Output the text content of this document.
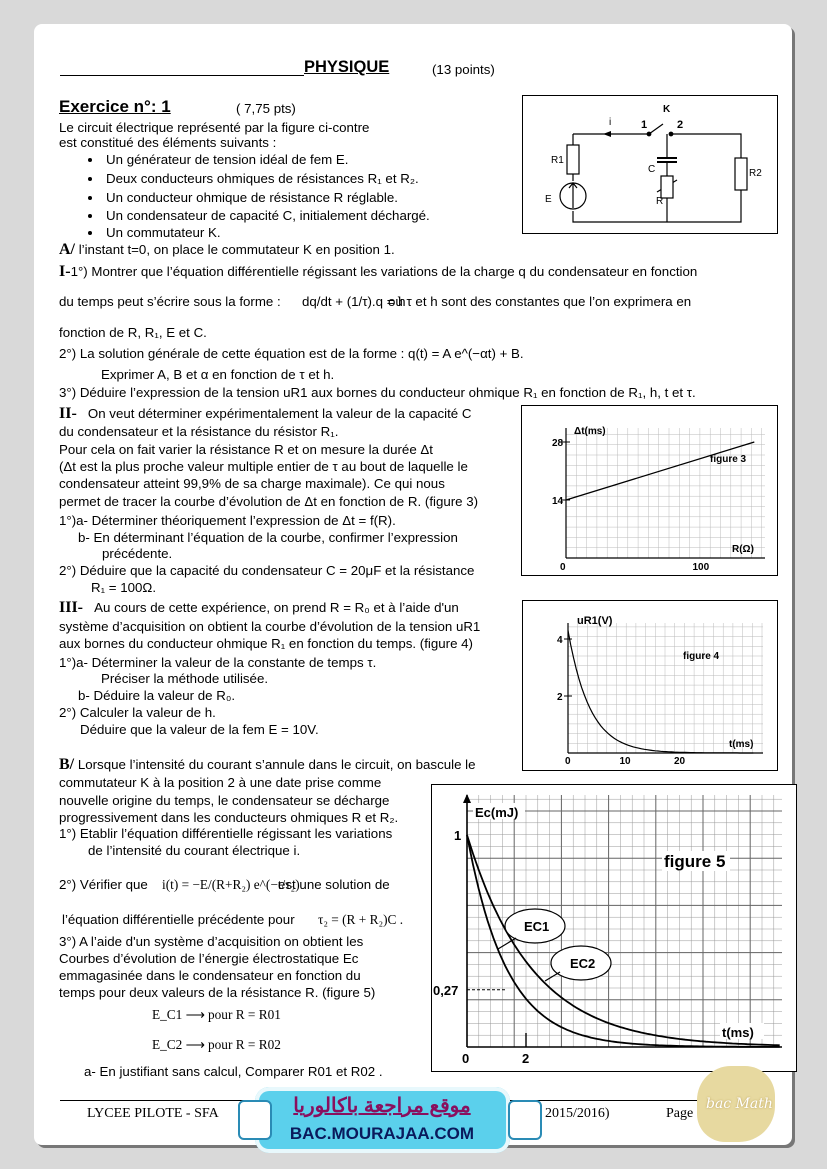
PHYSIQUE	(13 points)
Exercice n°: 1	( 7,75 pts)
Le circuit électrique représenté par la figure ci-contre
est constitué des éléments suivants :
Un générateur de tension idéal de fem E.
Deux conducteurs ohmiques de résistances R₁ et R₂.
Un conducteur ohmique de résistance R réglable.
Un condensateur de capacité C, initialement déchargé.
Un commutateur K.
K
i	1	2
R1
C	R2
E	R
A/ l’instant t=0, on place le commutateur K en position 1.
I-1°) Montrer que l’équation différentielle régissant les variations de la charge q du condensateur en fonction
du temps peut s’écrire sous la forme : dq/dt + (1/τ).q = h
où τ et h sont des constantes que l’on exprimera en
fonction de R, R₁, E et C.
2°) La solution générale de cette équation est de la forme : q(t) = A e^(−αt) + B.
Exprimer A, B et α en fonction de τ et h.
3°) Déduire l’expression de la tension uR1 aux bornes du conducteur ohmique R₁ en fonction de R₁, h, t et τ.
II- On veut déterminer expérimentalement la valeur de la capacité C
du condensateur et la résistance du résistor R₁.
Pour cela on fait varier la résistance R et on mesure la durée Δt
(Δt est la plus proche valeur multiple entier de τ au bout de laquelle le
condensateur atteint 99,9% de sa charge maximale). Ce qui nous
permet de tracer la courbe d’évolution de Δt en fonction de R. (figure 3)
1°)a- Déterminer théoriquement l’expression de Δt = f(R).
b- En déterminant l’équation de la courbe, confirmer l’expression
précédente.
2°) Déduire que la capacité du condensateur C = 20μF et la résistance
R₁ = 100Ω.
14
28
0	100
Δt(ms)
R(Ω)
figure 3
III- Au cours de cette expérience, on prend R = R₀ et à l’aide d'un
système d’acquisition on obtient la courbe d’évolution de la tension uR1
aux bornes du conducteur ohmique R₁ en fonction du temps. (figure 4)
1°)a- Déterminer la valeur de la constante de temps τ.
Préciser la méthode utilisée.
b- Déduire la valeur de R₀.
2°) Calculer la valeur de h.
Déduire que la valeur de la fem E = 10V.
2
4
0	10	20
uR1(V)
t(ms)
figure 4
B/ Lorsque l’intensité du courant s’annule dans le circuit, on bascule le
commutateur K à la position 2 à une date prise comme
nouvelle origine du temps, le condensateur se décharge
progressivement dans les conducteurs ohmiques R et R₂.
1°) Etablir l’équation différentielle régissant les variations
de l’intensité du courant électrique i.
2°) Vérifier que i(t) = −E/(R+R₂) e^(−t/τ₂)
est une solution de
l’équation différentielle précédente pour τ₂ = (R + R₂)C .
3°) A l’aide d'un système d’acquisition on obtient les
Courbes d’évolution de l’énergie électrostatique Ec
emmagasinée dans le condensateur en fonction du
temps pour deux valeurs de la résistance R. (figure 5)
E_C1 ⟶ pour R = R01
E_C2 ⟶ pour R = R02
a- En justifiant sans calcul, Comparer R01 et R02 .
0,27
1
0	2
Ec(mJ)
figure 5
t(ms)
EC1
EC2
LYCEE PILOTE - SFA	2015/2016)	Page
موقع مراجعة باكالوريا
BAC.MOURAJAA.COM
bac Math
